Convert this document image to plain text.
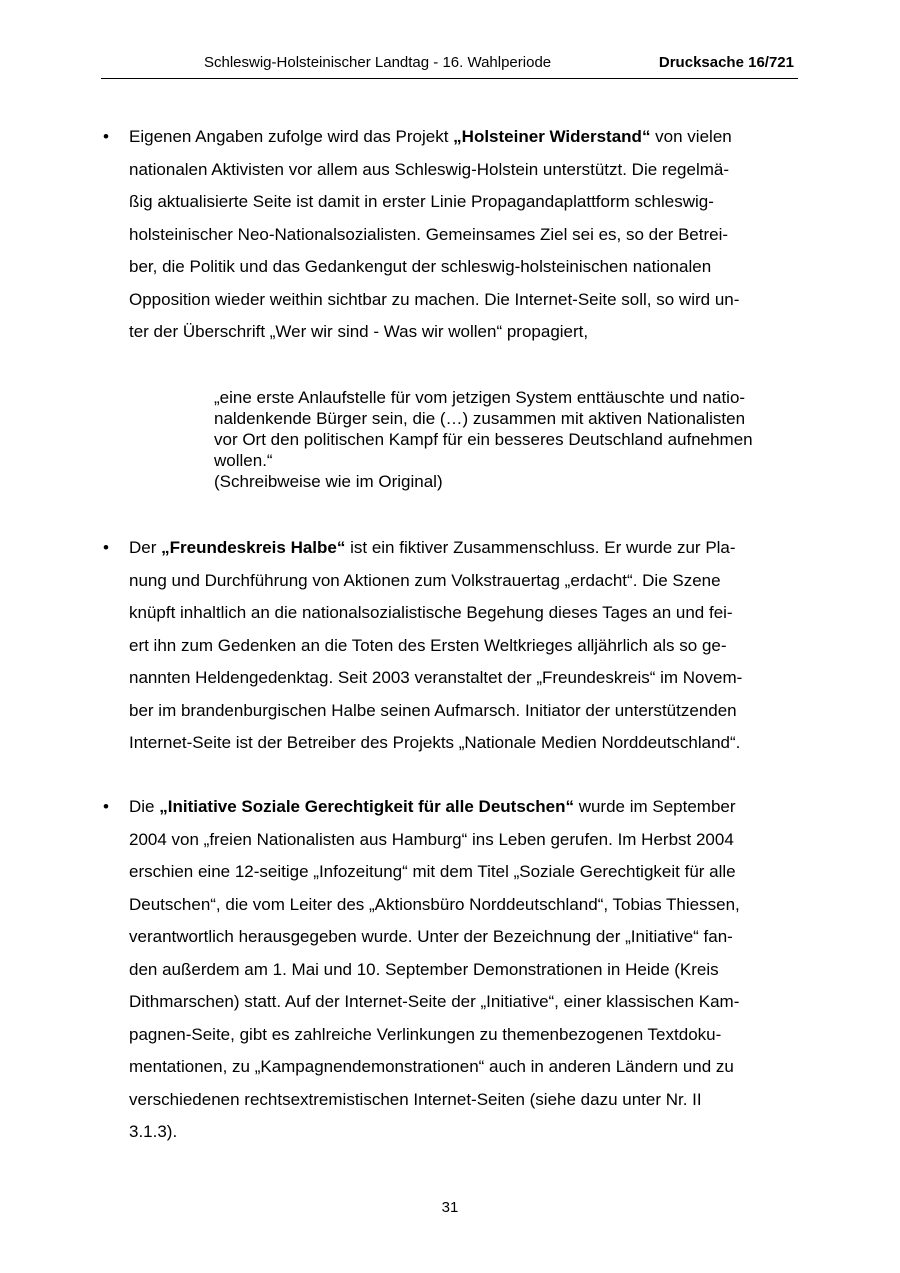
Schleswig-Holsteinischer Landtag - 16. Wahlperiode	Drucksache 16/721
• Eigenen Angaben zufolge wird das Projekt „Holsteiner Widerstand“ von vielen
nationalen Aktivisten vor allem aus Schleswig-Holstein unterstützt. Die regelmä-
ßig aktualisierte Seite ist damit in erster Linie Propagandaplattform schleswig-
holsteinischer Neo-Nationalsozialisten. Gemeinsames Ziel sei es, so der Betrei-
ber, die Politik und das Gedankengut der schleswig-holsteinischen nationalen
Opposition wieder weithin sichtbar zu machen. Die Internet-Seite soll, so wird un-
ter der Überschrift „Wer wir sind - Was wir wollen“ propagiert,
„eine erste Anlaufstelle für vom jetzigen System enttäuschte und natio-
naldenkende Bürger sein, die (…) zusammen mit aktiven Nationalisten
vor Ort den politischen Kampf für ein besseres Deutschland aufnehmen
wollen.“
(Schreibweise wie im Original)
• Der „Freundeskreis Halbe“ ist ein fiktiver Zusammenschluss. Er wurde zur Pla-
nung und Durchführung von Aktionen zum Volkstrauertag „erdacht“. Die Szene
knüpft inhaltlich an die nationalsozialistische Begehung dieses Tages an und fei-
ert ihn zum Gedenken an die Toten des Ersten Weltkrieges alljährlich als so ge-
nannten Heldengedenktag. Seit 2003 veranstaltet der „Freundeskreis“ im Novem-
ber im brandenburgischen Halbe seinen Aufmarsch. Initiator der unterstützenden
Internet-Seite ist der Betreiber des Projekts „Nationale Medien Norddeutschland“.
• Die „Initiative Soziale Gerechtigkeit für alle Deutschen“ wurde im September
2004 von „freien Nationalisten aus Hamburg“ ins Leben gerufen. Im Herbst 2004
erschien eine 12-seitige „Infozeitung“ mit dem Titel „Soziale Gerechtigkeit für alle
Deutschen“, die vom Leiter des „Aktionsbüro Norddeutschland“, Tobias Thiessen,
verantwortlich herausgegeben wurde. Unter der Bezeichnung der „Initiative“ fan-
den außerdem am 1. Mai und 10. September Demonstrationen in Heide (Kreis
Dithmarschen) statt. Auf der Internet-Seite der „Initiative“, einer klassischen Kam-
pagnen-Seite, gibt es zahlreiche Verlinkungen zu themenbezogenen Textdoku-
mentationen, zu „Kampagnendemonstrationen“ auch in anderen Ländern und zu
verschiedenen rechtsextremistischen Internet-Seiten (siehe dazu unter Nr. II
3.1.3).
31
